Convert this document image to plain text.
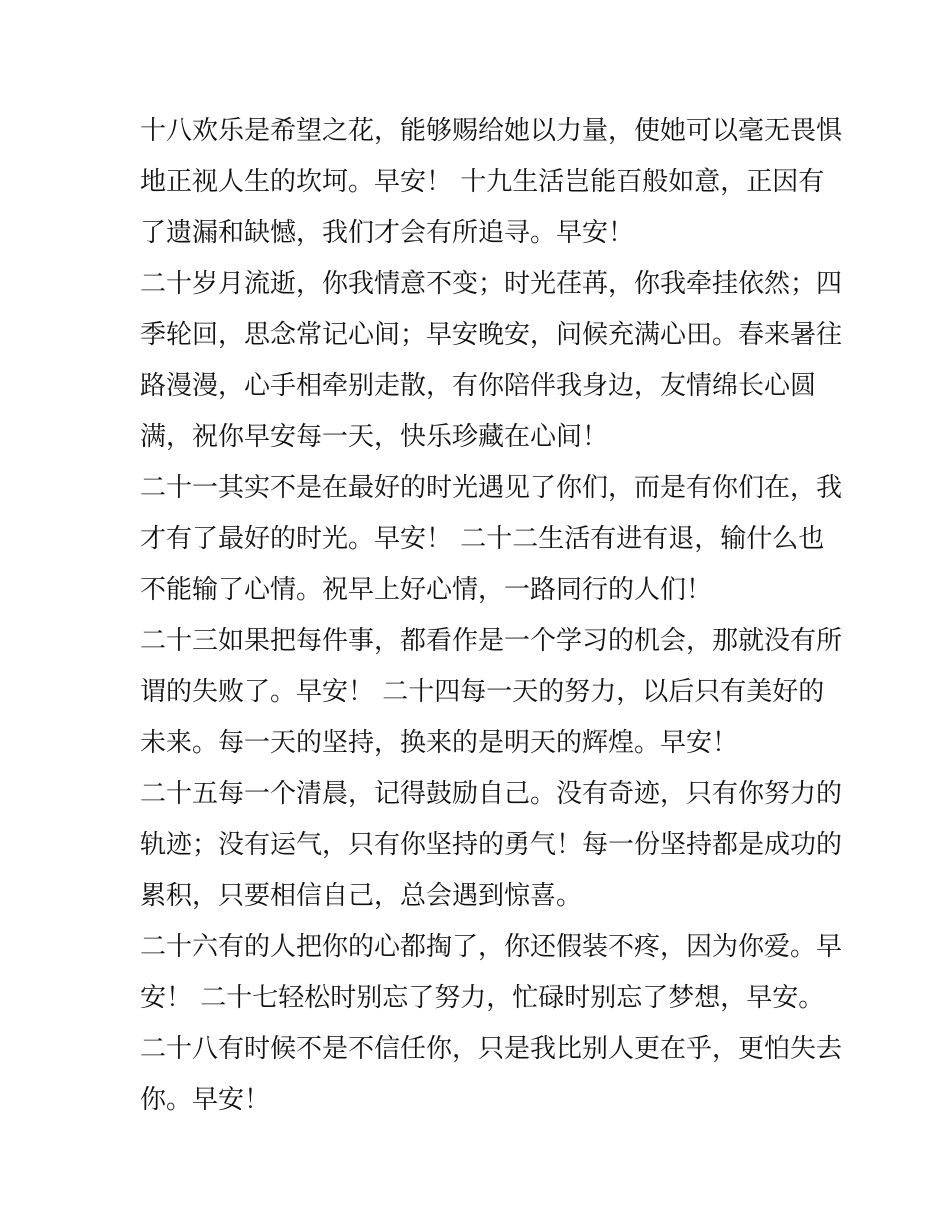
十八欢乐是希望之花，能够赐给她以力量，使她可以毫无畏惧
地正视人生的坎坷。早安！ 十九生活岂能百般如意，正因有
了遗漏和缺憾，我们才会有所追寻。早安！
二十岁月流逝，你我情意不变；时光荏苒，你我牵挂依然；四
季轮回，思念常记心间；早安晚安，问候充满心田。春来暑往
路漫漫，心手相牵别走散，有你陪伴我身边，友情绵长心圆
满，祝你早安每一天，快乐珍藏在心间！
二十一其实不是在最好的时光遇见了你们，而是有你们在，我
才有了最好的时光。早安！ 二十二生活有进有退，输什么也
不能输了心情。祝早上好心情，一路同行的人们！
二十三如果把每件事，都看作是一个学习的机会，那就没有所
谓的失败了。早安！ 二十四每一天的努力，以后只有美好的
未来。每一天的坚持，换来的是明天的辉煌。早安！
二十五每一个清晨，记得鼓励自己。没有奇迹，只有你努力的
轨迹；没有运气，只有你坚持的勇气！每一份坚持都是成功的
累积，只要相信自己，总会遇到惊喜。
二十六有的人把你的心都掏了，你还假装不疼，因为你爱。早
安！ 二十七轻松时别忘了努力，忙碌时别忘了梦想，早安。
二十八有时候不是不信任你，只是我比别人更在乎，更怕失去
你。早安！
